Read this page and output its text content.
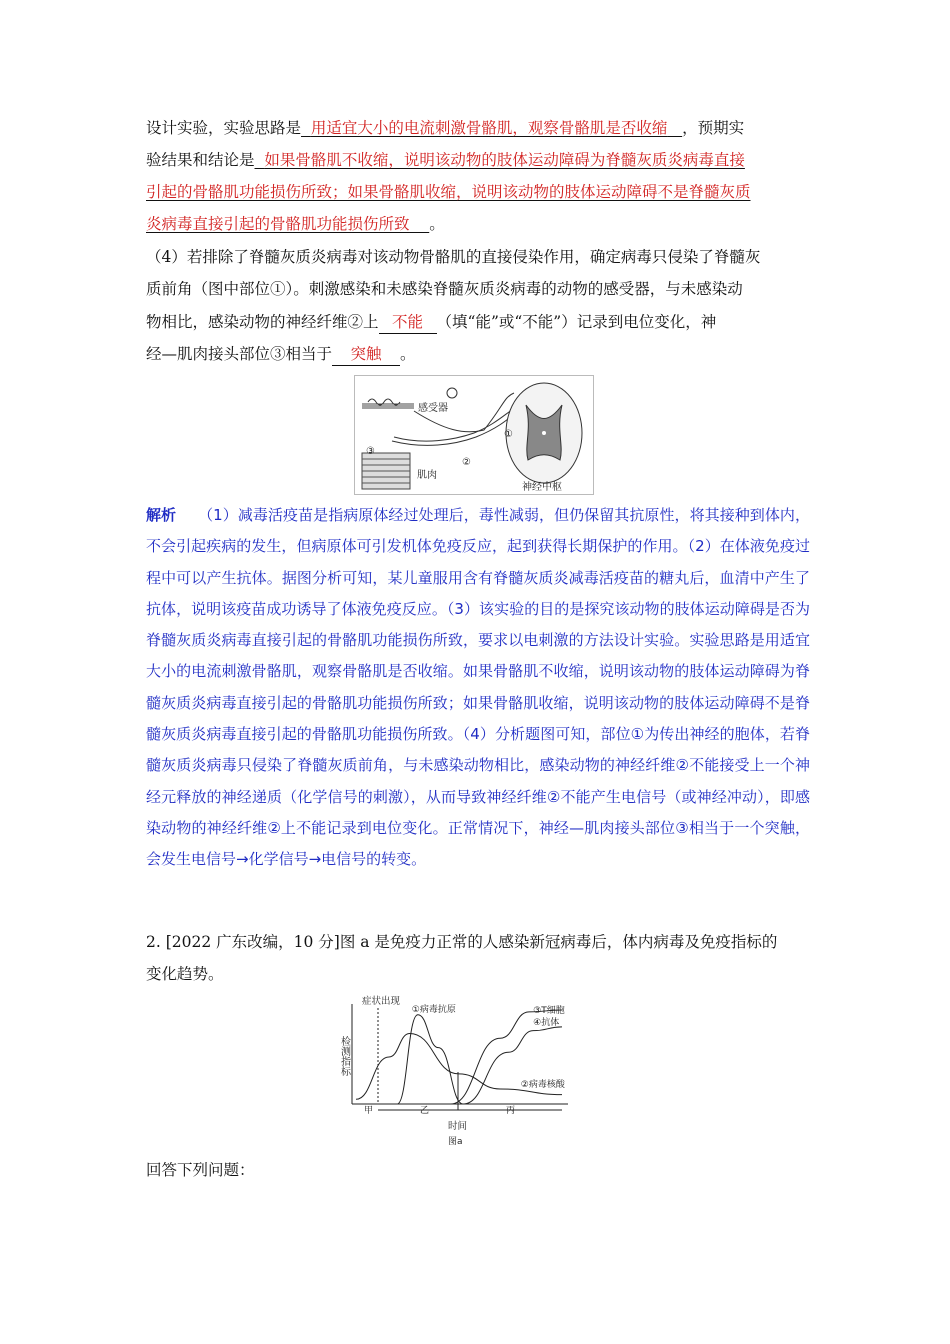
设计实验，实验思路是 用适宜大小的电流刺激骨骼肌，观察骨骼肌是否收缩 ，预期实
验结果和结论是 如果骨骼肌不收缩，说明该动物的肢体运动障碍为脊髓灰质炎病毒直接
引起的骨骼肌功能损伤所致；如果骨骼肌收缩，说明该动物的肢体运动障碍不是脊髓灰质
炎病毒直接引起的骨骼肌功能损伤所致 。
（4）若排除了脊髓灰质炎病毒对该动物骨骼肌的直接侵染作用，确定病毒只侵染了脊髓灰
质前角（图中部位①）。刺激感染和未感染脊髓灰质炎病毒的动物的感受器，与未感染动
物相比，感染动物的神经纤维②上 不能 （填“能”或“不能”）记录到电位变化，神
经—肌肉接头部位③相当于 突触 。
感受器
③
肌肉
②
①
神经中枢
解析 （1）减毒活疫苗是指病原体经过处理后，毒性减弱，但仍保留其抗原性，将其接种到体内，不会引起疾病的发生，但病原体可引发机体免疫反应，起到获得长期保护的作用。（2）在体液免疫过程中可以产生抗体。据图分析可知，某儿童服用含有脊髓灰质炎减毒活疫苗的糖丸后，血清中产生了抗体，说明该疫苗成功诱导了体液免疫反应。（3）该实验的目的是探究该动物的肢体运动障碍是否为脊髓灰质炎病毒直接引起的骨骼肌功能损伤所致，要求以电刺激的方法设计实验。实验思路是用适宜大小的电流刺激骨骼肌，观察骨骼肌是否收缩。如果骨骼肌不收缩，说明该动物的肢体运动障碍为脊髓灰质炎病毒直接引起的骨骼肌功能损伤所致；如果骨骼肌收缩，说明该动物的肢体运动障碍不是脊髓灰质炎病毒直接引起的骨骼肌功能损伤所致。（4）分析题图可知，部位①为传出神经的胞体，若脊髓灰质炎病毒只侵染了脊髓灰质前角，与未感染动物相比，感染动物的神经纤维②不能接受上一个神经元释放的神经递质（化学信号的刺激），从而导致神经纤维②不能产生电信号（或神经冲动），即感染动物的神经纤维②上不能记录到电位变化。正常情况下，神经—肌肉接头部位③相当于一个突触，会发生电信号→化学信号→电信号的转变。
2. [2022 广东改编，10 分]图 a 是免疫力正常的人感染新冠病毒后，体内病毒及免疫指标的
变化趋势。
检测指标
症状出现
甲	乙	丙
时间
图a
①病毒抗原
②病毒核酸
③T细胞
④抗体
回答下列问题：
